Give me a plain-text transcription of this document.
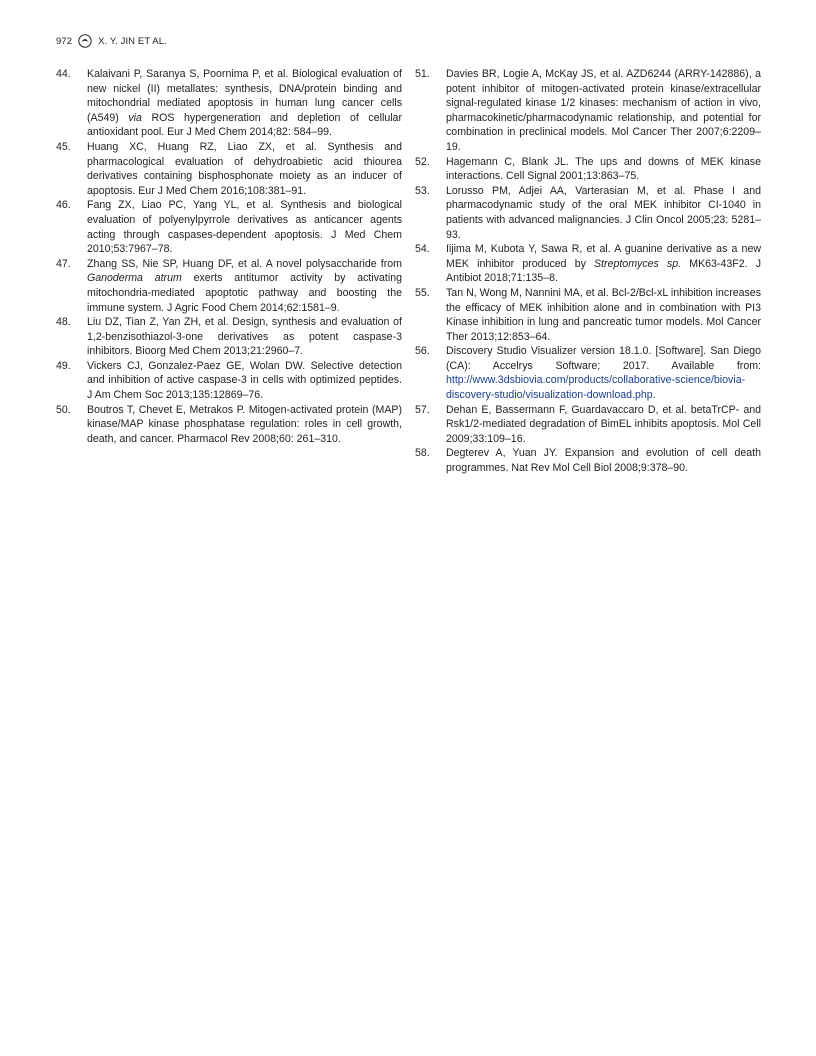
972	X. Y. JIN ET AL.
44.	Kalaivani P, Saranya S, Poornima P, et al. Biological evaluation of new nickel (II) metallates: synthesis, DNA/protein binding and mitochondrial mediated apoptosis in human lung cancer cells (A549) via ROS hypergeneration and depletion of cellular antioxidant pool. Eur J Med Chem 2014;82: 584–99.
45.	Huang XC, Huang RZ, Liao ZX, et al. Synthesis and pharmacological evaluation of dehydroabietic acid thiourea derivatives containing bisphosphonate moiety as an inducer of apoptosis. Eur J Med Chem 2016;108:381–91.
46.	Fang ZX, Liao PC, Yang YL, et al. Synthesis and biological evaluation of polyenylpyrrole derivatives as anticancer agents acting through caspases-dependent apoptosis. J Med Chem 2010;53:7967–78.
47.	Zhang SS, Nie SP, Huang DF, et al. A novel polysaccharide from Ganoderma atrum exerts antitumor activity by activating mitochondria-mediated apoptotic pathway and boosting the immune system. J Agric Food Chem 2014;62:1581–9.
48.	Liu DZ, Tian Z, Yan ZH, et al. Design, synthesis and evaluation of 1,2-benzisothiazol-3-one derivatives as potent caspase-3 inhibitors. Bioorg Med Chem 2013;21:2960–7.
49.	Vickers CJ, Gonzalez-Paez GE, Wolan DW. Selective detection and inhibition of active caspase-3 in cells with optimized peptides. J Am Chem Soc 2013;135:12869–76.
50.	Boutros T, Chevet E, Metrakos P. Mitogen-activated protein (MAP) kinase/MAP kinase phosphatase regulation: roles in cell growth, death, and cancer. Pharmacol Rev 2008;60: 261–310.
51.	Davies BR, Logie A, McKay JS, et al. AZD6244 (ARRY-142886), a potent inhibitor of mitogen-activated protein kinase/extracellular signal-regulated kinase 1/2 kinases: mechanism of action in vivo, pharmacokinetic/pharmacodynamic relationship, and potential for combination in preclinical models. Mol Cancer Ther 2007;6:2209–19.
52.	Hagemann C, Blank JL. The ups and downs of MEK kinase interactions. Cell Signal 2001;13:863–75.
53.	Lorusso PM, Adjei AA, Varterasian M, et al. Phase I and pharmacodynamic study of the oral MEK inhibitor CI-1040 in patients with advanced malignancies. J Clin Oncol 2005;23: 5281–93.
54.	Iijima M, Kubota Y, Sawa R, et al. A guanine derivative as a new MEK inhibitor produced by Streptomyces sp. MK63-43F2. J Antibiot 2018;71:135–8.
55.	Tan N, Wong M, Nannini MA, et al. Bcl-2/Bcl-xL inhibition increases the efficacy of MEK inhibition alone and in combination with PI3 Kinase inhibition in lung and pancreatic tumor models. Mol Cancer Ther 2013;12:853–64.
56.	Discovery Studio Visualizer version 18.1.0. [Software]. San Diego (CA): Accelrys Software; 2017. Available from: http://www.3dsbiovia.com/products/collaborative-science/biovia-discovery-studio/visualization-download.php.
57.	Dehan E, Bassermann F, Guardavaccaro D, et al. betaTrCP- and Rsk1/2-mediated degradation of BimEL inhibits apoptosis. Mol Cell 2009;33:109–16.
58.	Degterev A, Yuan JY. Expansion and evolution of cell death programmes. Nat Rev Mol Cell Biol 2008;9:378–90.
